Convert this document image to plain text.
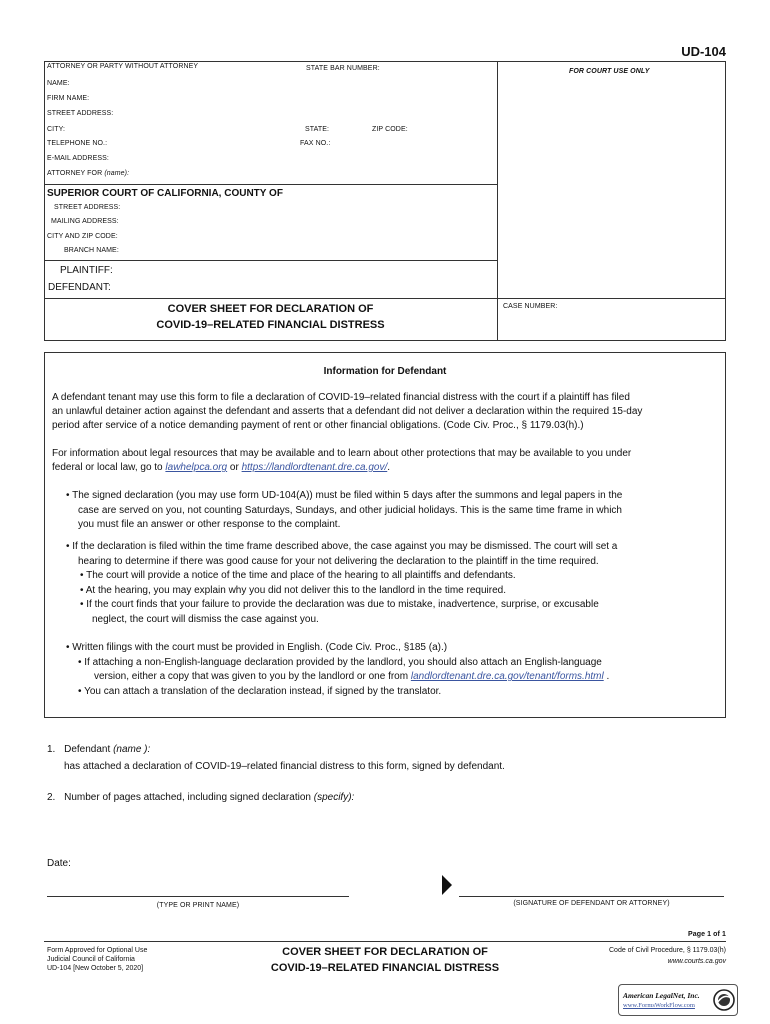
UD-104
ATTORNEY OR PARTY WITHOUT ATTORNEY	STATE BAR NUMBER:	FOR COURT USE ONLY
NAME:
FIRM NAME:
STREET ADDRESS:
CITY:	STATE:	ZIP CODE:
TELEPHONE NO.:	FAX NO.:
E-MAIL ADDRESS:
ATTORNEY FOR (name):
SUPERIOR COURT OF CALIFORNIA, COUNTY OF
STREET ADDRESS:
MAILING ADDRESS:
CITY AND ZIP CODE:
BRANCH NAME:
PLAINTIFF:
DEFENDANT:
COVER SHEET FOR DECLARATION OF
COVID-19–RELATED FINANCIAL DISTRESS
CASE NUMBER:
Information for Defendant
A defendant tenant may use this form to file a declaration of COVID-19–related financial distress with the court if a plaintiff has filed
an unlawful detainer action against the defendant and asserts that a defendant did not deliver a declaration within the required 15-day
period after service of a notice demanding payment of rent or other financial obligations. (Code Civ. Proc., § 1179.03(h).)
For information about legal resources that may be available and to learn about other protections that may be available to you under
federal or local law, go to lawhelpca.org or https://landlordtenant.dre.ca.gov/.
• The signed declaration (you may use form UD-104(A)) must be filed within 5 days after the summons and legal papers in the
case are served on you, not counting Saturdays, Sundays, and other judicial holidays. This is the same time frame in which
you must file an answer or other response to the complaint.
• If the declaration is filed within the time frame described above, the case against you may be dismissed. The court will set a
hearing to determine if there was good cause for your not delivering the declaration to the plaintiff in the time required.
• The court will provide a notice of the time and place of the hearing to all plaintiffs and defendants.
• At the hearing, you may explain why you did not deliver this to the landlord in the time required.
• If the court finds that your failure to provide the declaration was due to mistake, inadvertence, surprise, or excusable
neglect, the court will dismiss the case against you.
• Written filings with the court must be provided in English. (Code Civ. Proc., §185 (a).)
• If attaching a non-English-language declaration provided by the landlord, you should also attach an English-language
version, either a copy that was given to you by the landlord or one from landlordtenant.dre.ca.gov/tenant/forms.html .
• You can attach a translation of the declaration instead, if signed by the translator.
1. Defendant (name ):
has attached a declaration of COVID-19–related financial distress to this form, signed by defendant.
2. Number of pages attached, including signed declaration (specify):
Date:
(TYPE OR PRINT NAME)	(SIGNATURE OF DEFENDANT OR ATTORNEY)
Page 1 of 1
Form Approved for Optional Use
Judicial Council of California
UD-104 [New October 5, 2020]
COVER SHEET FOR DECLARATION OF
COVID-19–RELATED FINANCIAL DISTRESS
Code of Civil Procedure, § 1179.03(h)
www.courts.ca.gov
American LegalNet, Inc.
www.FormsWorkFlow.com
